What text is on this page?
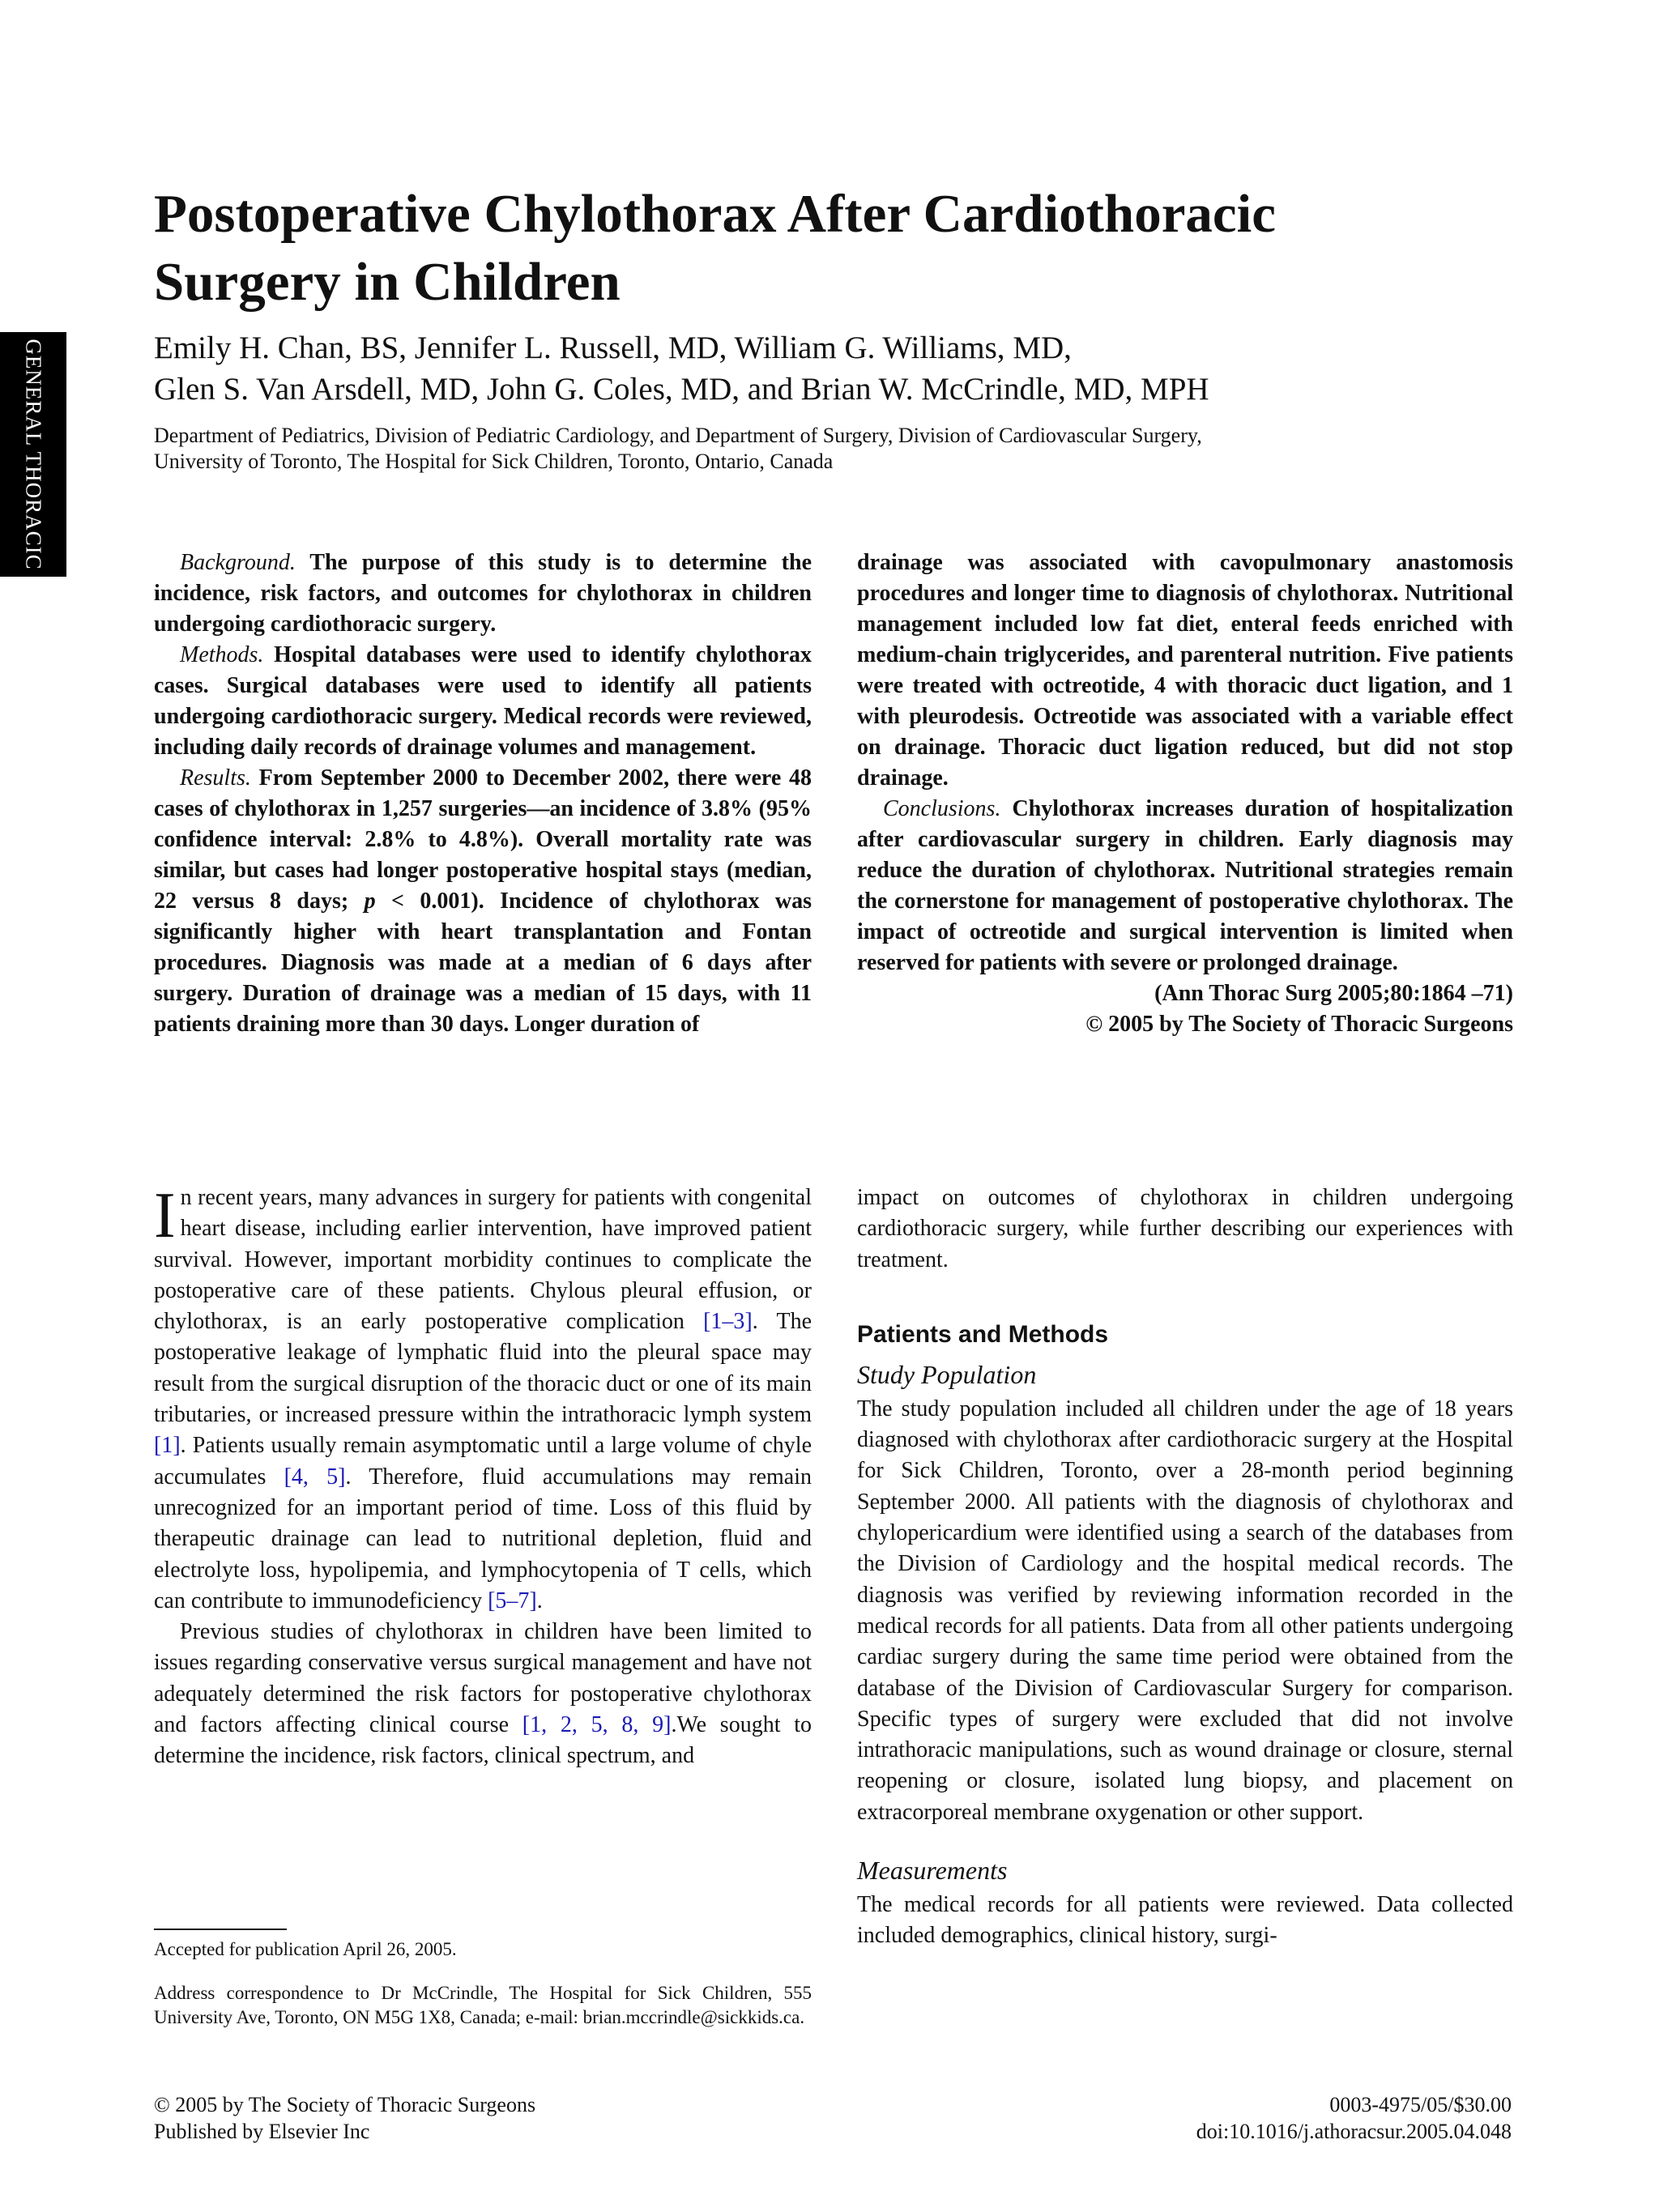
GENERAL THORACIC
Postoperative Chylothorax After Cardiothoracic
Surgery in Children
Emily H. Chan, BS, Jennifer L. Russell, MD, William G. Williams, MD,
Glen S. Van Arsdell, MD, John G. Coles, MD, and Brian W. McCrindle, MD, MPH
Department of Pediatrics, Division of Pediatric Cardiology, and Department of Surgery, Division of Cardiovascular Surgery,
University of Toronto, The Hospital for Sick Children, Toronto, Ontario, Canada

Background. The purpose of this study is to determine the incidence, risk factors, and outcomes for chylothorax in children undergoing cardiothoracic surgery.

Methods. Hospital databases were used to identify chylothorax cases. Surgical databases were used to identify all patients undergoing cardiothoracic surgery. Medical records were reviewed, including daily records of drainage volumes and management.

Results. From September 2000 to December 2002, there were 48 cases of chylothorax in 1,257 surgeries—an incidence of 3.8% (95% confidence interval: 2.8% to 4.8%). Overall mortality rate was similar, but cases had longer postoperative hospital stays (median, 22 versus 8 days; p < 0.001). Incidence of chylothorax was significantly higher with heart transplantation and Fontan procedures. Diagnosis was made at a median of 6 days after surgery. Duration of drainage was a median of 15 days, with 11 patients draining more than 30 days. Longer duration of

drainage was associated with cavopulmonary anastomosis procedures and longer time to diagnosis of chylothorax. Nutritional management included low fat diet, enteral feeds enriched with medium-chain triglycerides, and parenteral nutrition. Five patients were treated with octreotide, 4 with thoracic duct ligation, and 1 with pleurodesis. Octreotide was associated with a variable effect on drainage. Thoracic duct ligation reduced, but did not stop drainage.

Conclusions. Chylothorax increases duration of hospitalization after cardiovascular surgery in children. Early diagnosis may reduce the duration of chylothorax. Nutritional strategies remain the cornerstone for management of postoperative chylothorax. The impact of octreotide and surgical intervention is limited when reserved for patients with severe or prolonged drainage.

(Ann Thorac Surg 2005;80:1864 –71)
© 2005 by The Society of Thoracic Surgeons

In recent years, many advances in surgery for patients with congenital heart disease, including earlier intervention, have improved patient survival. However, important morbidity continues to complicate the postoperative care of these patients. Chylous pleural effusion, or chylothorax, is an early postoperative complication [1–3]. The postoperative leakage of lymphatic fluid into the pleural space may result from the surgical disruption of the thoracic duct or one of its main tributaries, or increased pressure within the intrathoracic lymph system [1]. Patients usually remain asymptomatic until a large volume of chyle accumulates [4, 5]. Therefore, fluid accumulations may remain unrecognized for an important period of time. Loss of this fluid by therapeutic drainage can lead to nutritional depletion, fluid and electrolyte loss, hypolipemia, and lymphocytopenia of T cells, which can contribute to immunodeficiency [5–7].

Previous studies of chylothorax in children have been limited to issues regarding conservative versus surgical management and have not adequately determined the risk factors for postoperative chylothorax and factors affecting clinical course [1, 2, 5, 8, 9].We sought to determine the incidence, risk factors, clinical spectrum, and

impact on outcomes of chylothorax in children undergoing cardiothoracic surgery, while further describing our experiences with treatment.

Patients and Methods

Study Population

The study population included all children under the age of 18 years diagnosed with chylothorax after cardiothoracic surgery at the Hospital for Sick Children, Toronto, over a 28-month period beginning September 2000. All patients with the diagnosis of chylothorax and chylopericardium were identified using a search of the databases from the Division of Cardiology and the hospital medical records. The diagnosis was verified by reviewing information recorded in the medical records for all patients. Data from all other patients undergoing cardiac surgery during the same time period were obtained from the database of the Division of Cardiovascular Surgery for comparison. Specific types of surgery were excluded that did not involve intrathoracic manipulations, such as wound drainage or closure, sternal reopening or closure, isolated lung biopsy, and placement on extracorporeal membrane oxygenation or other support.

Measurements

The medical records for all patients were reviewed. Data collected included demographics, clinical history, surgi-

Accepted for publication April 26, 2005.

Address correspondence to Dr McCrindle, The Hospital for Sick Children, 555 University Ave, Toronto, ON M5G 1X8, Canada; e-mail: brian.mccrindle@sickkids.ca.

© 2005 by The Society of Thoracic Surgeons
Published by Elsevier Inc
0003-4975/05/$30.00
doi:10.1016/j.athoracsur.2005.04.048
